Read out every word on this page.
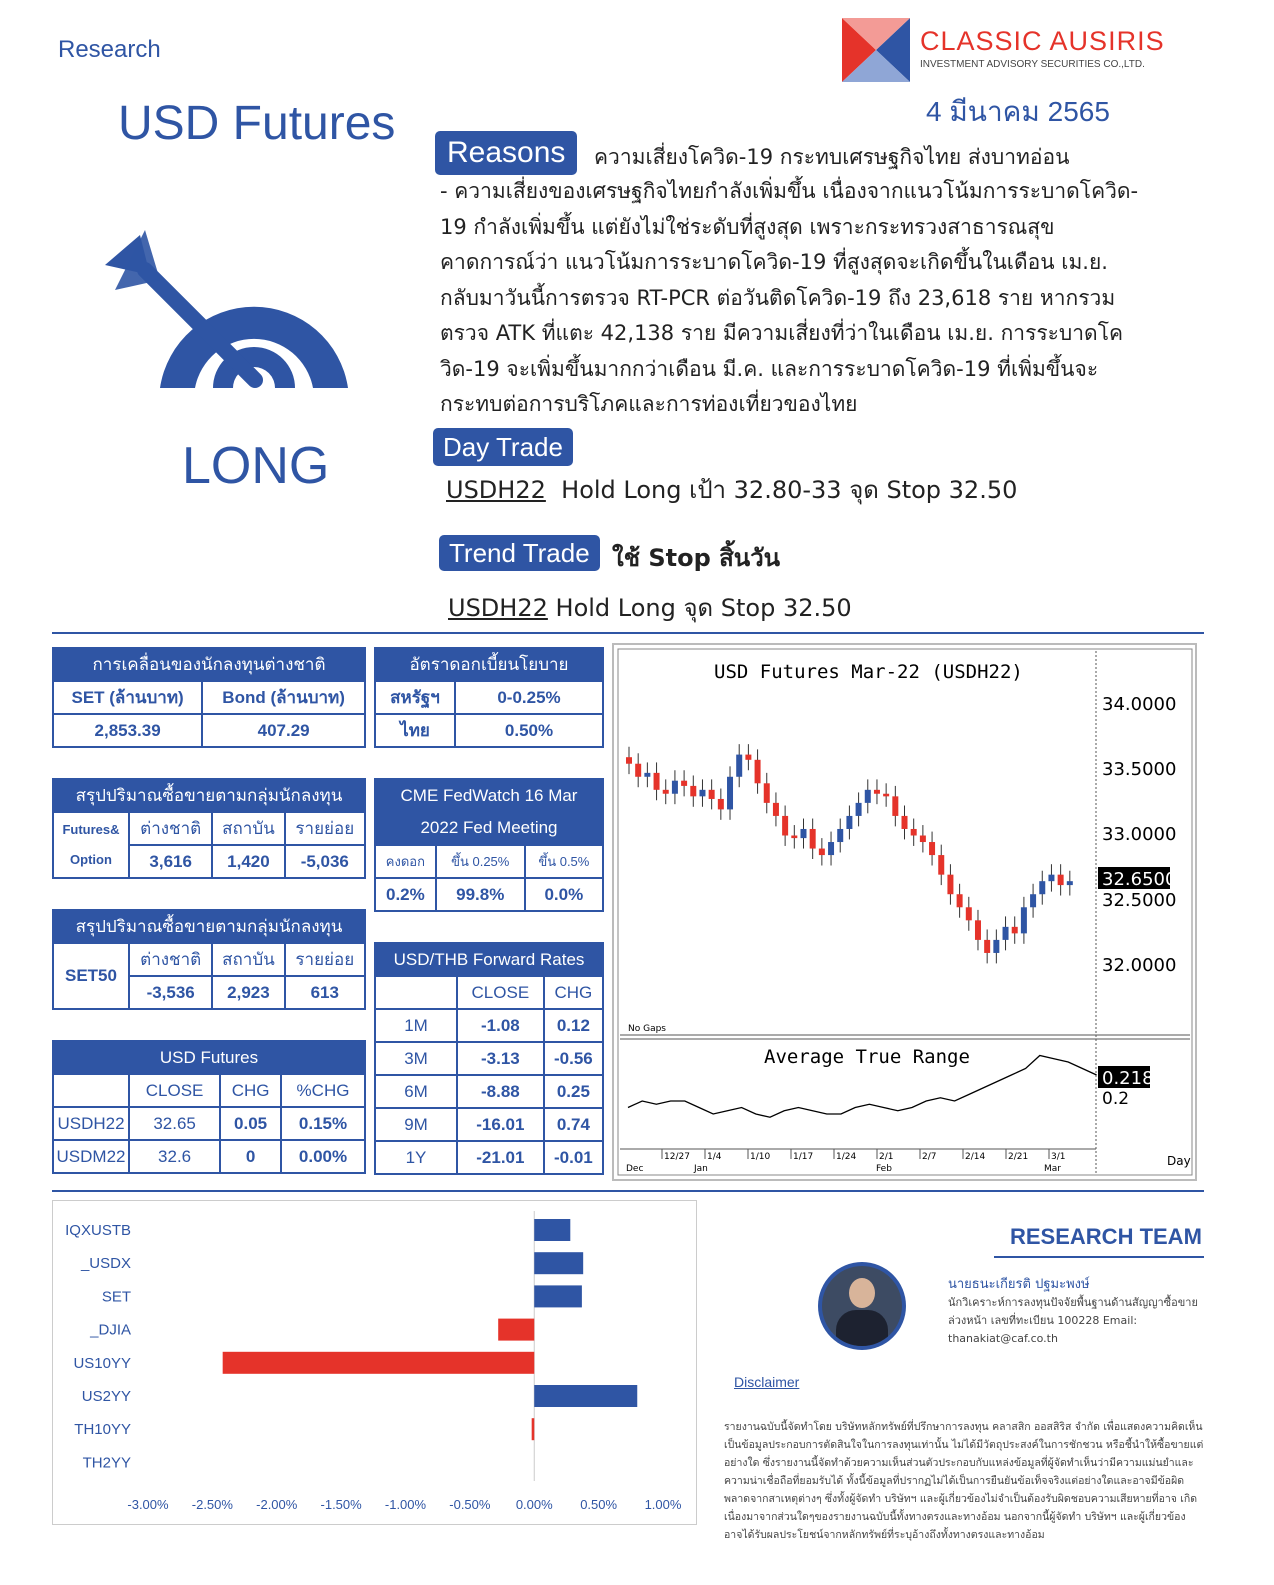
Research
USD Futures
CLASSIC AUSIRIS
INVESTMENT ADVISORY SECURITIES CO.,LTD.
4 มีนาคม 2565
LONG
Reasons	ความเสี่ยงโควิด-19 กระทบเศรษฐกิจไทย ส่งบาทอ่อน
- ความเสี่ยงของเศรษฐกิจไทยกำลังเพิ่มขึ้น เนื่องจากแนวโน้มการระบาดโควิด-
19 กำลังเพิ่มขึ้น แต่ยังไม่ใช่ระดับที่สูงสุด เพราะกระทรวงสาธารณสุข
คาดการณ์ว่า แนวโน้มการระบาดโควิด-19 ที่สูงสุดจะเกิดขึ้นในเดือน เม.ย.
กลับมาวันนี้การตรวจ RT-PCR ต่อวันติดโควิด-19 ถึง 23,618 ราย หากรวม
ตรวจ ATK ที่แตะ 42,138 ราย มีความเสี่ยงที่ว่าในเดือน เม.ย. การระบาดโค
วิด-19 จะเพิ่มขึ้นมากกว่าเดือน มี.ค. และการระบาดโควิด-19 ที่เพิ่มขึ้นจะ
กระทบต่อการบริโภคและการท่องเที่ยวของไทย
Day Trade
USDH22 Hold Long เป้า 32.80-33 จุด Stop 32.50
Trend Trade ใช้ Stop สิ้นวัน
USDH22 Hold Long จุด Stop 32.50
การเคลื่อนของนักลงทุนต่างชาติ	
SET (ล้านบาท)	Bond (ล้านบาท)
2,853.39	407.29
อัตราดอกเบี้ยนโยบาย	
สหรัฐฯ	0-0.25%
ไทย	0.50%
สรุปปริมาณซื้อขายตามกลุ่มนักลงทุน			

Futures&
Option	ต่างชาติ	สถาบัน	รายย่อย
	3,616	1,420	-5,036
CME FedWatch 16 Mar
2022 Fed Meeting		

คงดอก	ขึ้น 0.25%	ขึ้น 0.5%
0.2%	99.8%	0.0%
สรุปปริมาณซื้อขายตามกลุ่มนักลงทุน			
SET50	ต่างชาติ	สถาบัน	รายย่อย
	-3,536	2,923	613
USD/THB Forward Rates		
	CLOSE	CHG
1M	-1.08	0.12
3M	-3.13	-0.56
6M	-8.88	0.25
9M	-16.01	0.74
1Y	-21.01	-0.01
USD Futures			
	CLOSE	CHG	%CHG
USDH22	32.65	0.05	0.15%
USDM22	32.6	0	0.00%
USD Futures Mar-22 (USDH22)
34.0000
33.5000
33.0000
32.5000
32.0000
32.6500
No Gaps
Average True Range
0.218
0.2
Day
12/27 1/4	1/10	1/17	1/24	2/1	2/7	2/14	2/21	3/1
Dec	Jan	Feb	Mar
IQXUSTB
_USDX
SET
_DJIA
US10YY
US2YY
TH10YY
TH2YY
-3.00% -2.50% -2.00% -1.50% -1.00% -0.50% 0.00% 0.50% 1.00%
RESEARCH TEAM
นายธนะเกียรติ ปฐมะพงษ์
นักวิเคราะห์การลงทุนปัจจัยพื้นฐานด้านสัญญาซื้อขาย
ล่วงหน้า เลขที่ทะเบียน 100228 Email:
thanakiat@caf.co.th
Disclaimer
รายงานฉบับนี้จัดทำโดย บริษัทหลักทรัพย์ที่ปรึกษาการลงทุน คลาสสิก ออสสิริส จำกัด เพื่อแสดงความคิดเห็นเป็นข้อมูลประกอบการตัดสินใจในการลงทุนเท่านั้น ไม่ได้มีวัตถุประสงค์ในการชักชวน หรือชี้นำให้ซื้อขายแต่อย่างใด ซึ่งรายงานนี้จัดทำด้วยความเห็นส่วนตัวประกอบกับแหล่งข้อมูลที่ผู้จัดทำเห็นว่ามีความแม่นยำและความน่าเชื่อถือที่ยอมรับได้ ทั้งนี้ข้อมูลที่ปรากฏไม่ได้เป็นการยืนยันข้อเท็จจริงแต่อย่างใดและอาจมีข้อผิดพลาดจากสาเหตุต่างๆ ซึ่งทั้งผู้จัดทำ บริษัทฯ และผู้เกี่ยวข้องไม่จำเป็นต้องรับผิดชอบความเสียหายที่อาจ เกิดเนื่องมาจากส่วนใดๆของรายงานฉบับนี้ทั้งทางตรงและทางอ้อม นอกจากนี้ผู้จัดทำ บริษัทฯ และผู้เกี่ยวข้อง อาจได้รับผลประโยชน์จากหลักทรัพย์ที่ระบุอ้างถึงทั้งทางตรงและทางอ้อม
